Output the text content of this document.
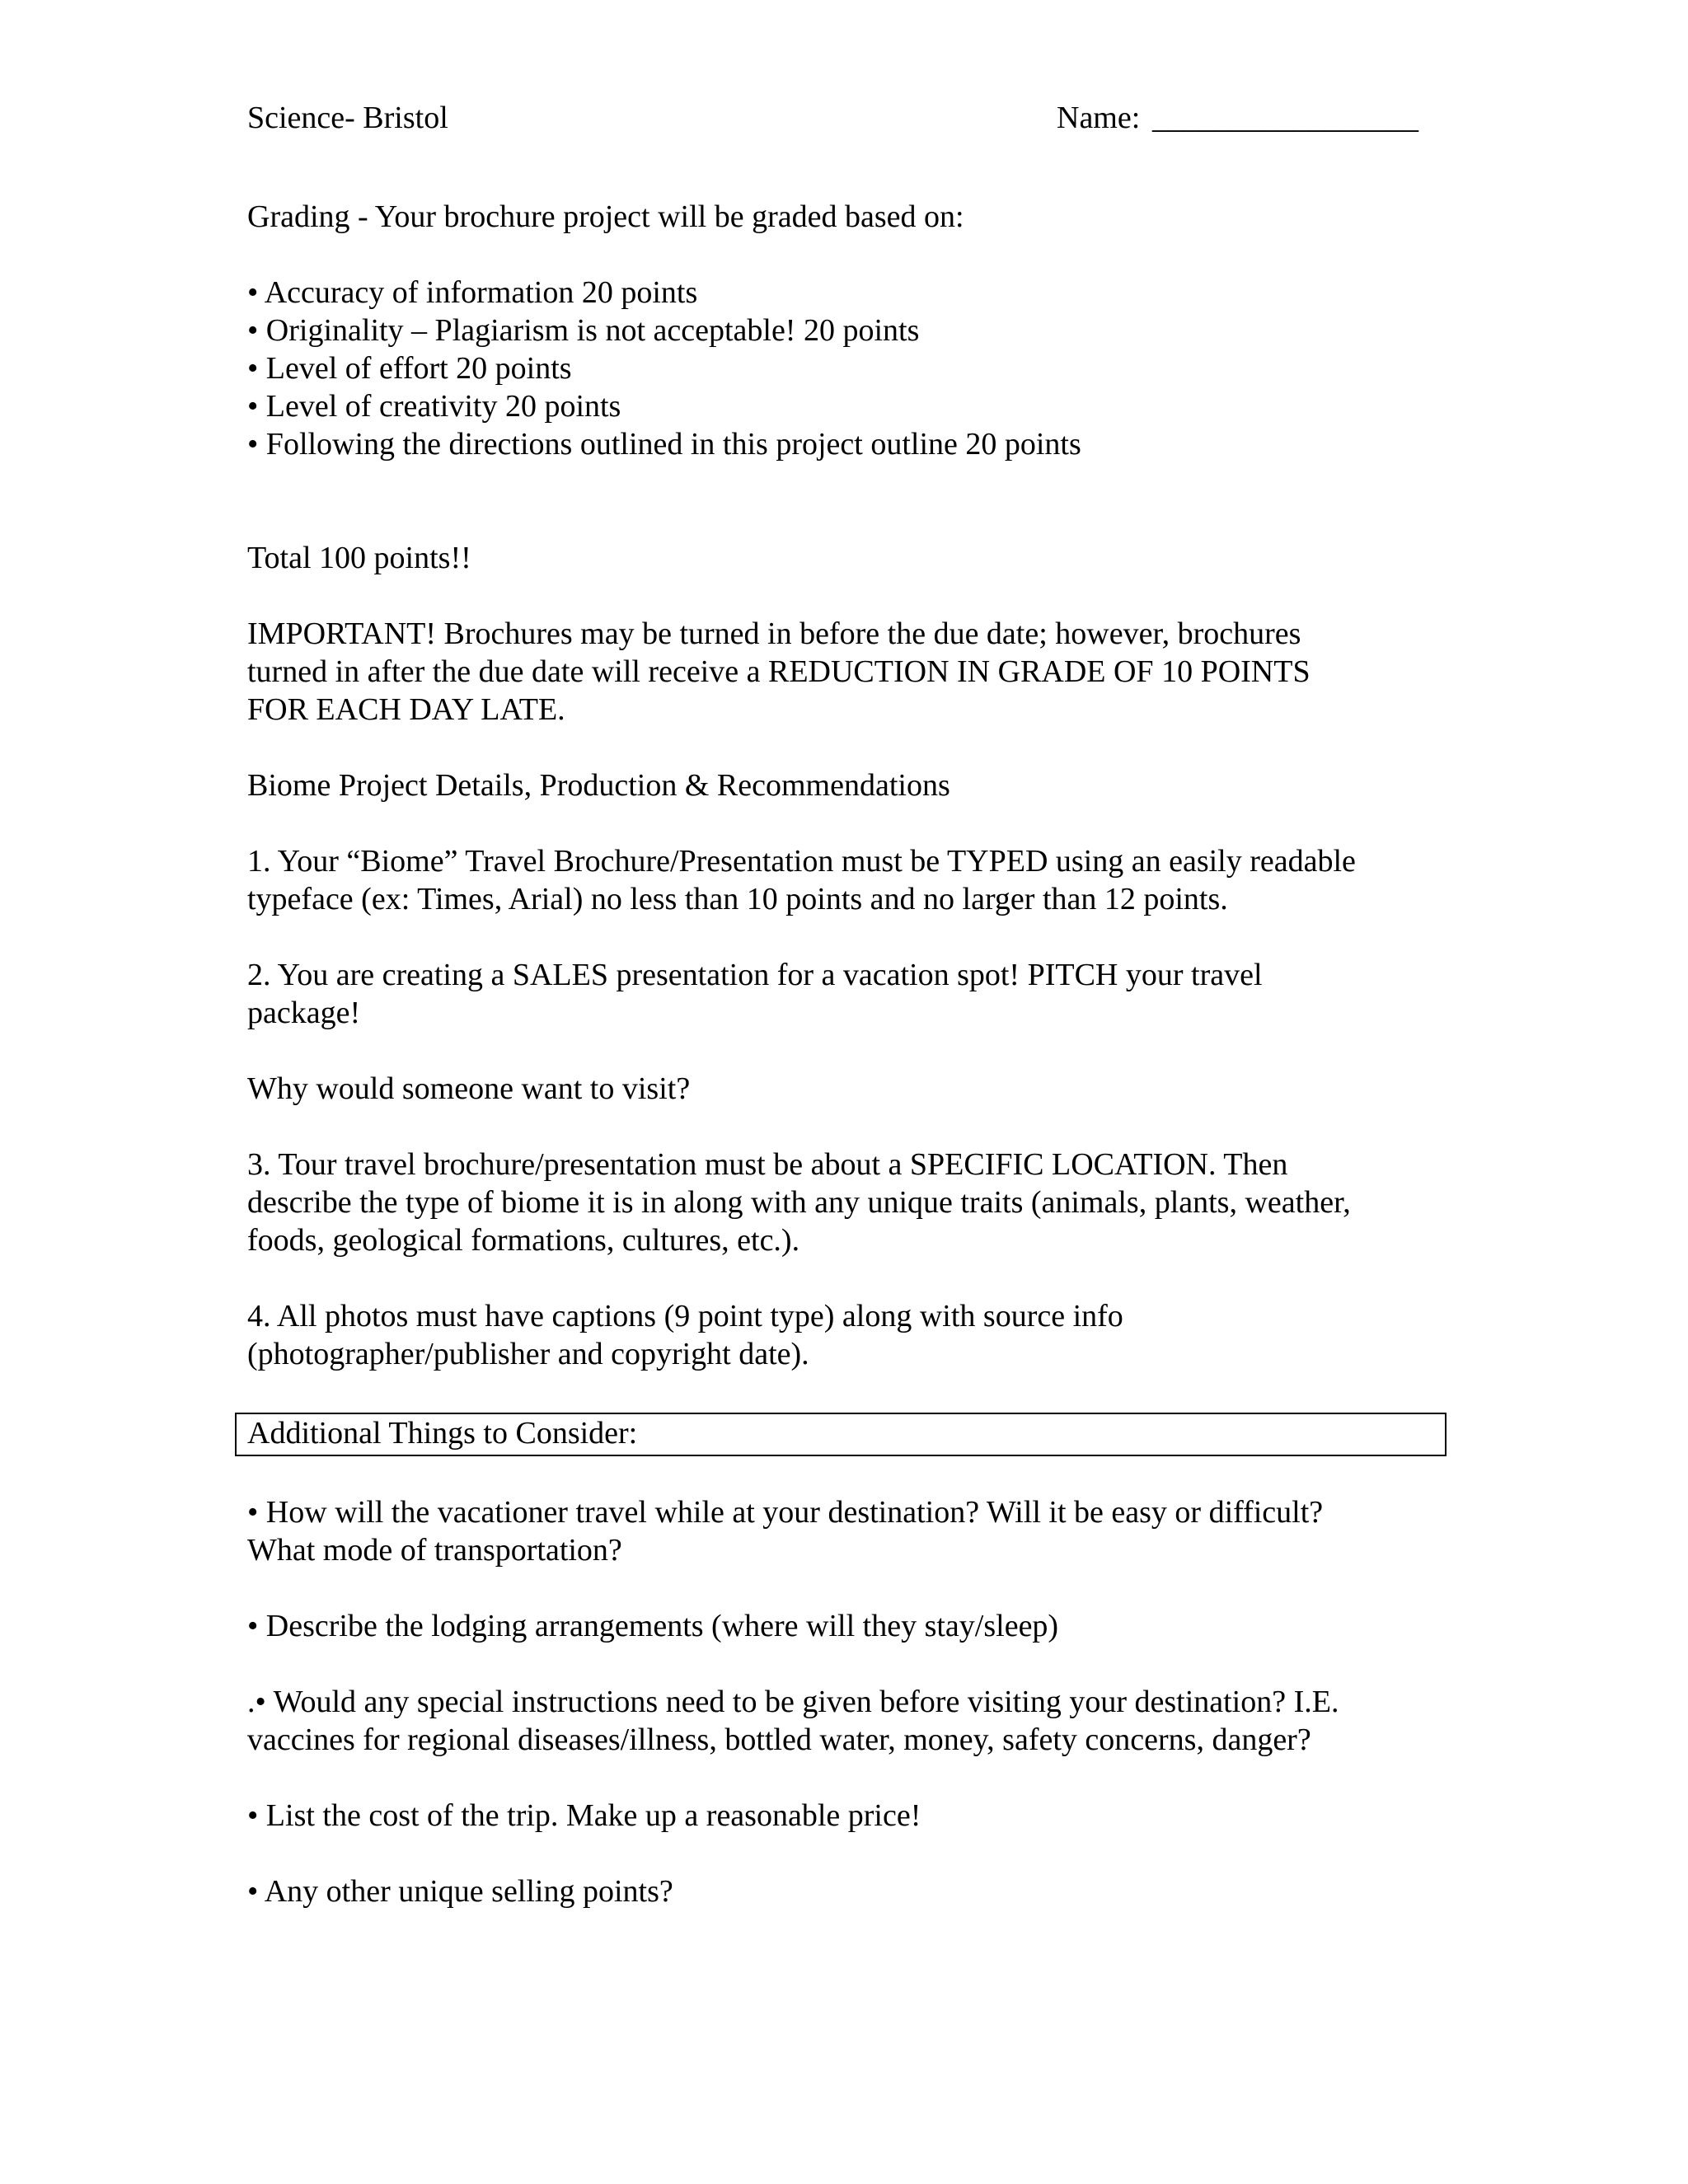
Science- Bristol	Name: _________________
Grading - Your brochure project will be graded based on:
• Accuracy of information 20 points
• Originality – Plagiarism is not acceptable! 20 points
• Level of effort 20 points
• Level of creativity 20 points
• Following the directions outlined in this project outline 20 points
Total 100 points!!
IMPORTANT! Brochures may be turned in before the due date; however, brochures
turned in after the due date will receive a REDUCTION IN GRADE OF 10 POINTS
FOR EACH DAY LATE.
Biome Project Details, Production & Recommendations
1. Your “Biome” Travel Brochure/Presentation must be TYPED using an easily readable
typeface (ex: Times, Arial) no less than 10 points and no larger than 12 points.
2. You are creating a SALES presentation for a vacation spot! PITCH your travel
package!
Why would someone want to visit?
3. Tour travel brochure/presentation must be about a SPECIFIC LOCATION. Then
describe the type of biome it is in along with any unique traits (animals, plants, weather,
foods, geological formations, cultures, etc.).
4. All photos must have captions (9 point type) along with source info
(photographer/publisher and copyright date).
Additional Things to Consider:
• How will the vacationer travel while at your destination? Will it be easy or difficult?
What mode of transportation?
• Describe the lodging arrangements (where will they stay/sleep)
.• Would any special instructions need to be given before visiting your destination? I.E.
vaccines for regional diseases/illness, bottled water, money, safety concerns, danger?
• List the cost of the trip. Make up a reasonable price!
• Any other unique selling points?
